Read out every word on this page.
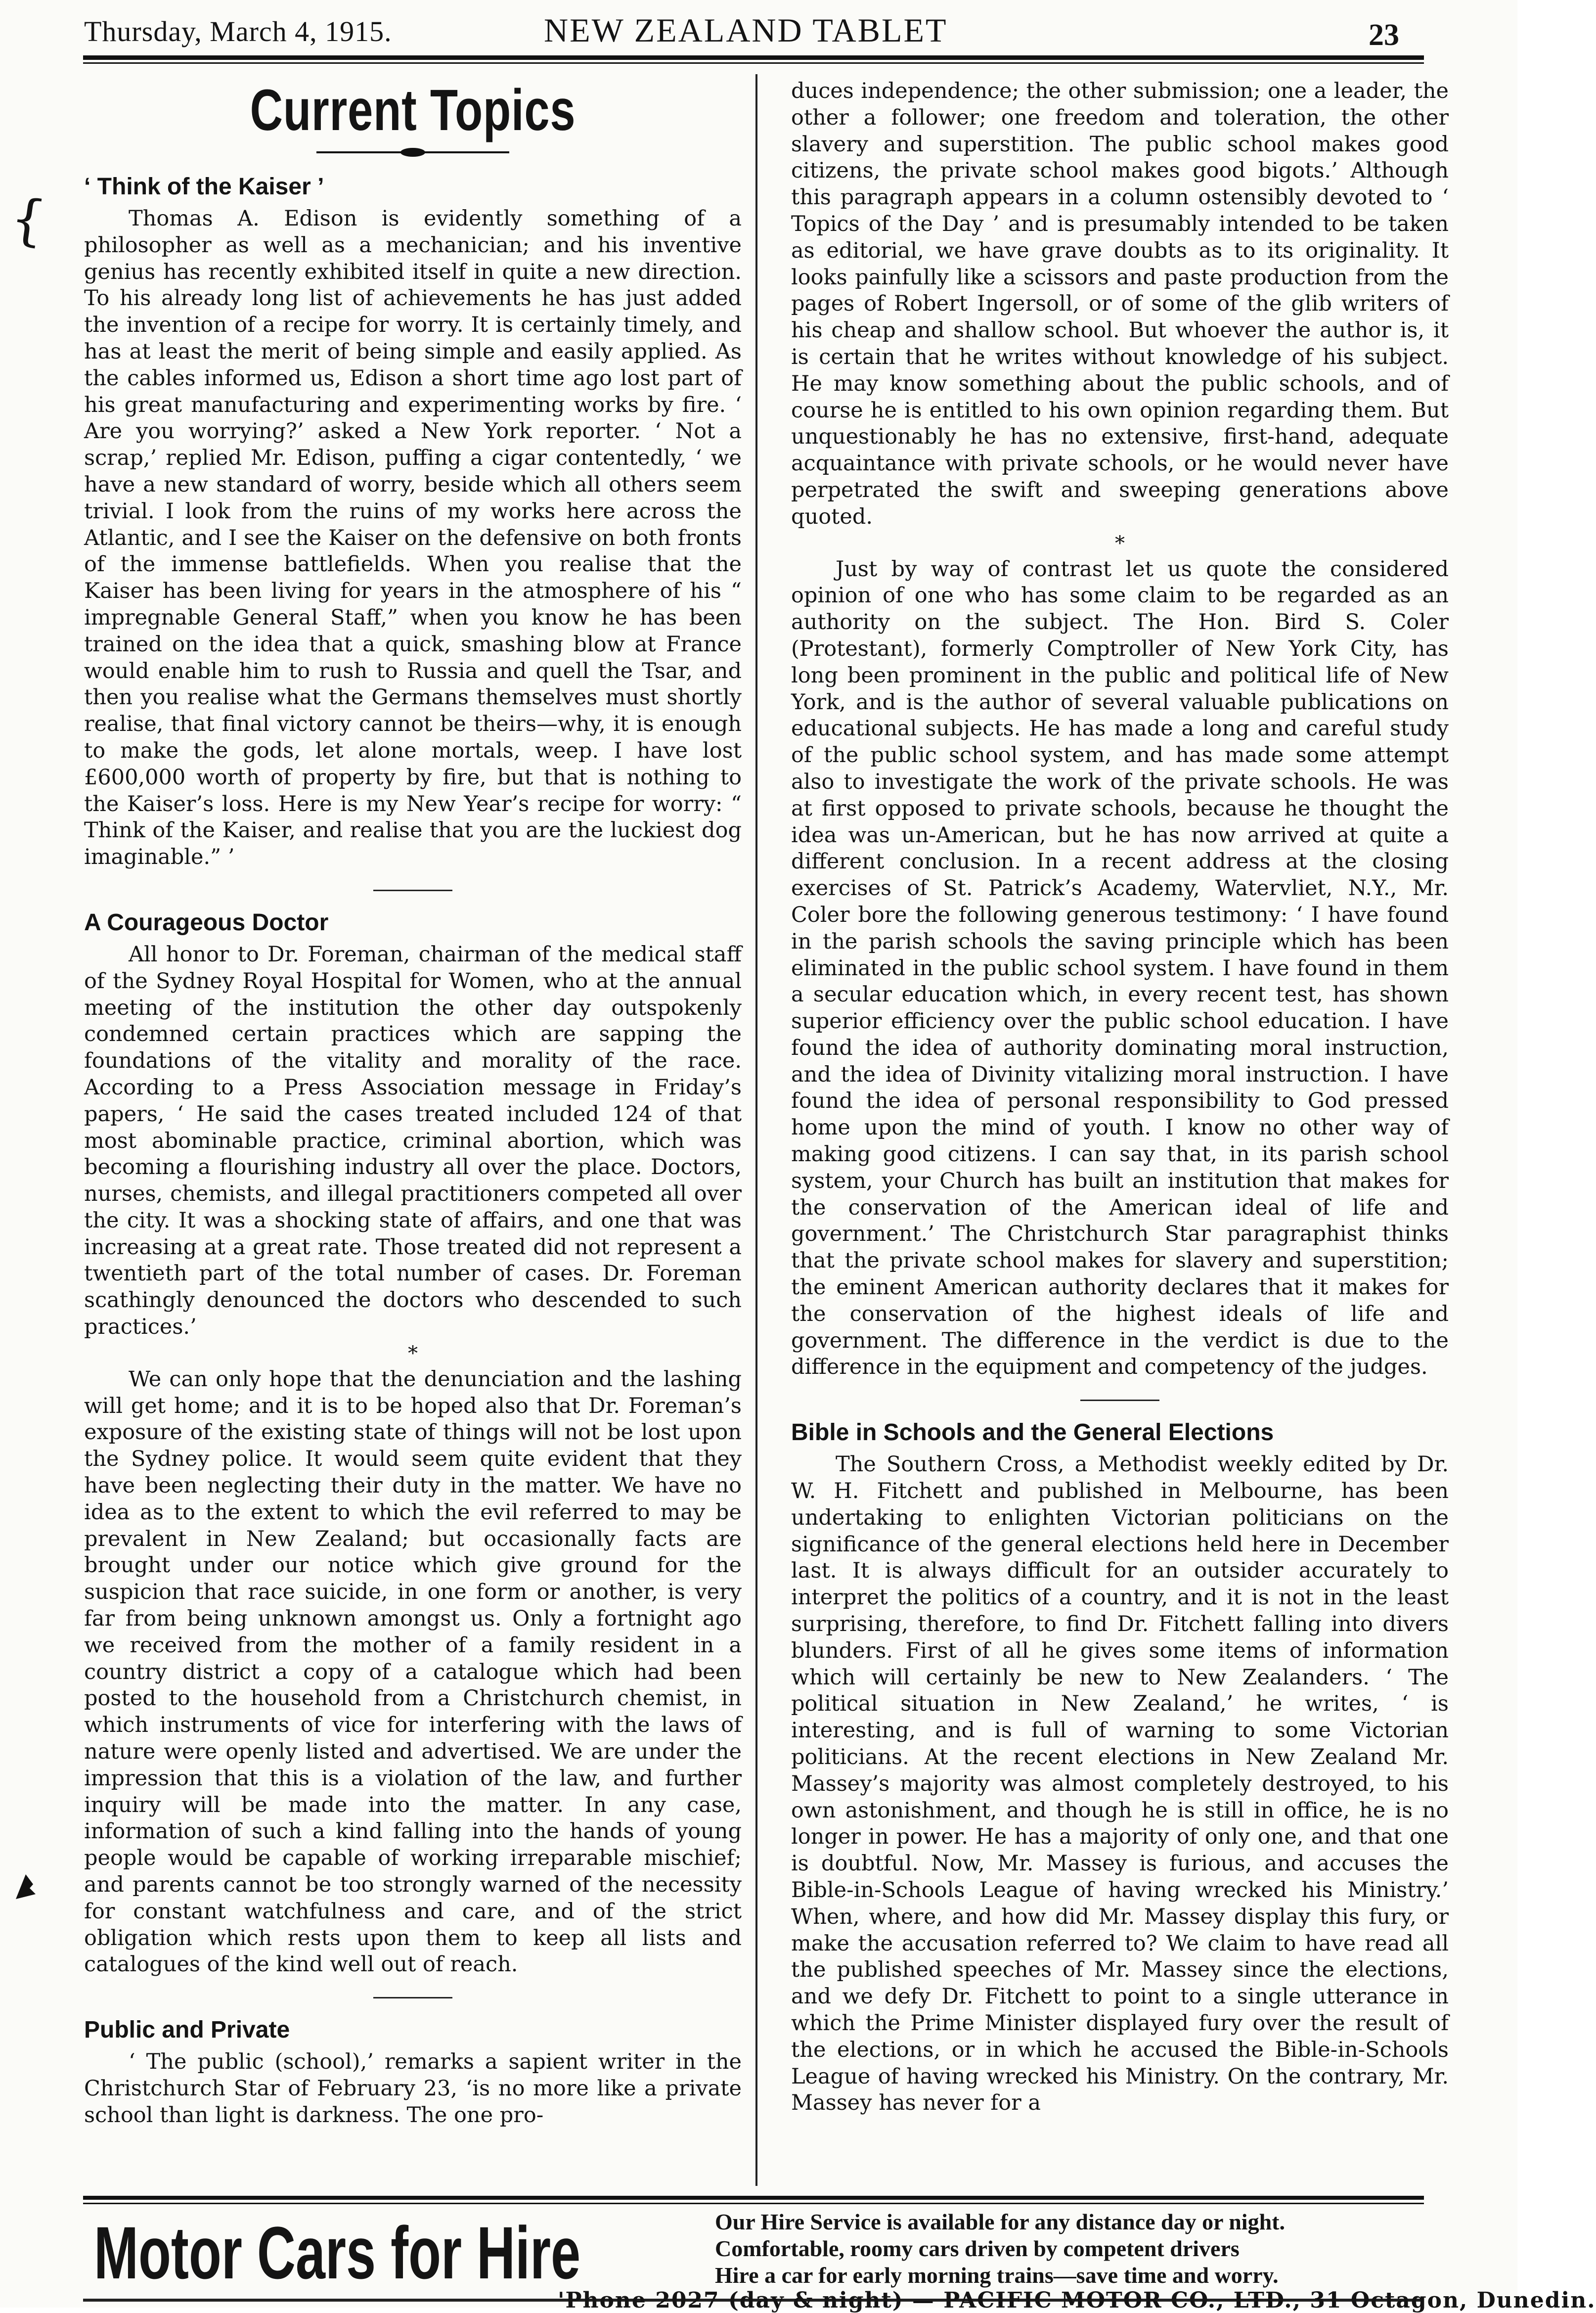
Thursday, March 4, 1915.	NEW ZEALAND TABLET	23
{
Current Topics
‘ Think of the Kaiser ’

Thomas A. Edison is evidently something of a philosopher as well as a mechanician; and his inventive genius has recently exhibited itself in quite a new direction. To his already long list of achievements he has just added the invention of a recipe for worry. It is certainly timely, and has at least the merit of being simple and easily applied. As the cables informed us, Edison a short time ago lost part of his great manufacturing and experimenting works by fire. ‘ Are you worrying?’ asked a New York reporter. ‘ Not a scrap,’ replied Mr. Edison, puffing a cigar contentedly, ‘ we have a new standard of worry, beside which all others seem trivial. I look from the ruins of my works here across the Atlantic, and I see the Kaiser on the defensive on both fronts of the immense battlefields. When you realise that the Kaiser has been living for years in the atmosphere of his “ impregnable General Staff,” when you know he has been trained on the idea that a quick, smashing blow at France would enable him to rush to Russia and quell the Tsar, and then you realise what the Germans themselves must shortly realise, that final victory cannot be theirs—why, it is enough to make the gods, let alone mortals, weep. I have lost £600,000 worth of property by fire, but that is nothing to the Kaiser’s loss. Here is my New Year’s recipe for worry: “ Think of the Kaiser, and realise that you are the luckiest dog imaginable.” ’

A Courageous Doctor

All honor to Dr. Foreman, chairman of the medical staff of the Sydney Royal Hospital for Women, who at the annual meeting of the institution the other day outspokenly condemned certain practices which are sapping the foundations of the vitality and morality of the race. According to a Press Association message in Friday’s papers, ‘ He said the cases treated included 124 of that most abominable practice, criminal abortion, which was becoming a flourishing industry all over the place. Doctors, nurses, chemists, and illegal practitioners competed all over the city. It was a shocking state of affairs, and one that was increasing at a great rate. Those treated did not represent a twentieth part of the total number of cases. Dr. Foreman scathingly denounced the doctors who descended to such practices.’

*

We can only hope that the denunciation and the lashing will get home; and it is to be hoped also that Dr. Foreman’s exposure of the existing state of things will not be lost upon the Sydney police. It would seem quite evident that they have been neglecting their duty in the matter. We have no idea as to the extent to which the evil referred to may be prevalent in New Zealand; but occasionally facts are brought under our notice which give ground for the suspicion that race suicide, in one form or another, is very far from being unknown amongst us. Only a fortnight ago we received from the mother of a family resident in a country district a copy of a catalogue which had been posted to the household from a Christchurch chemist, in which instruments of vice for interfering with the laws of nature were openly listed and advertised. We are under the impression that this is a violation of the law, and further inquiry will be made into the matter. In any case, information of such a kind falling into the hands of young people would be capable of working irreparable mischief; and parents cannot be too strongly warned of the necessity for constant watchfulness and care, and of the strict obligation which rests upon them to keep all lists and catalogues of the kind well out of reach.

Public and Private

‘ The public (school),’ remarks a sapient writer in the Christchurch Star of February 23, ‘is no more like a private school than light is darkness. The one pro-

duces independence; the other submission; one a leader, the other a follower; one freedom and toleration, the other slavery and superstition. The public school makes good citizens, the private school makes good bigots.’ Although this paragraph appears in a column ostensibly devoted to ‘ Topics of the Day ’ and is presumably intended to be taken as editorial, we have grave doubts as to its originality. It looks painfully like a scissors and paste production from the pages of Robert Ingersoll, or of some of the glib writers of his cheap and shallow school. But whoever the author is, it is certain that he writes without knowledge of his subject. He may know something about the public schools, and of course he is entitled to his own opinion regarding them. But unquestionably he has no extensive, first-hand, adequate acquaintance with private schools, or he would never have perpetrated the swift and sweeping generations above quoted.

*

Just by way of contrast let us quote the considered opinion of one who has some claim to be regarded as an authority on the subject. The Hon. Bird S. Coler (Protestant), formerly Comptroller of New York City, has long been prominent in the public and political life of New York, and is the author of several valuable publications on educational subjects. He has made a long and careful study of the public school system, and has made some attempt also to investigate the work of the private schools. He was at first opposed to private schools, because he thought the idea was un-American, but he has now arrived at quite a different conclusion. In a recent address at the closing exercises of St. Patrick’s Academy, Watervliet, N.Y., Mr. Coler bore the following generous testimony: ‘ I have found in the parish schools the saving principle which has been eliminated in the public school system. I have found in them a secular education which, in every recent test, has shown superior efficiency over the public school education. I have found the idea of authority dominating moral instruction, and the idea of Divinity vitalizing moral instruction. I have found the idea of personal responsibility to God pressed home upon the mind of youth. I know no other way of making good citizens. I can say that, in its parish school system, your Church has built an institution that makes for the conservation of the American ideal of life and government.’ The Christchurch Star paragraphist thinks that the private school makes for slavery and superstition; the eminent American authority declares that it makes for the conservation of the highest ideals of life and government. The difference in the verdict is due to the difference in the equipment and competency of the judges.

Bible in Schools and the General Elections

The Southern Cross, a Methodist weekly edited by Dr. W. H. Fitchett and published in Melbourne, has been undertaking to enlighten Victorian politicians on the significance of the general elections held here in December last. It is always difficult for an outsider accurately to interpret the politics of a country, and it is not in the least surprising, therefore, to find Dr. Fitchett falling into divers blunders. First of all he gives some items of information which will certainly be new to New Zealanders. ‘ The political situation in New Zealand,’ he writes, ‘ is interesting, and is full of warning to some Victorian politicians. At the recent elections in New Zealand Mr. Massey’s majority was almost completely destroyed, to his own astonishment, and though he is still in office, he is no longer in power. He has a majority of only one, and that one is doubtful. Now, Mr. Massey is furious, and accuses the Bible-in-Schools League of having wrecked his Ministry.’ When, where, and how did Mr. Massey display this fury, or make the accusation referred to? We claim to have read all the published speeches of Mr. Massey since the elections, and we defy Dr. Fitchett to point to a single utterance in which the Prime Minister displayed fury over the result of the elections, or in which he accused the Bible-in-Schools League of having wrecked his Ministry. On the contrary, Mr. Massey has never for a

Motor Cars for Hire	Our Hire Service is available for any distance day or night.
Comfortable, roomy cars driven by competent drivers
Hire a car for early morning trains—save time and worry.
'Phone 2027 (day & night) — PACIFIC MOTOR CO., LTD., 31 Octagon, Dunedin.
